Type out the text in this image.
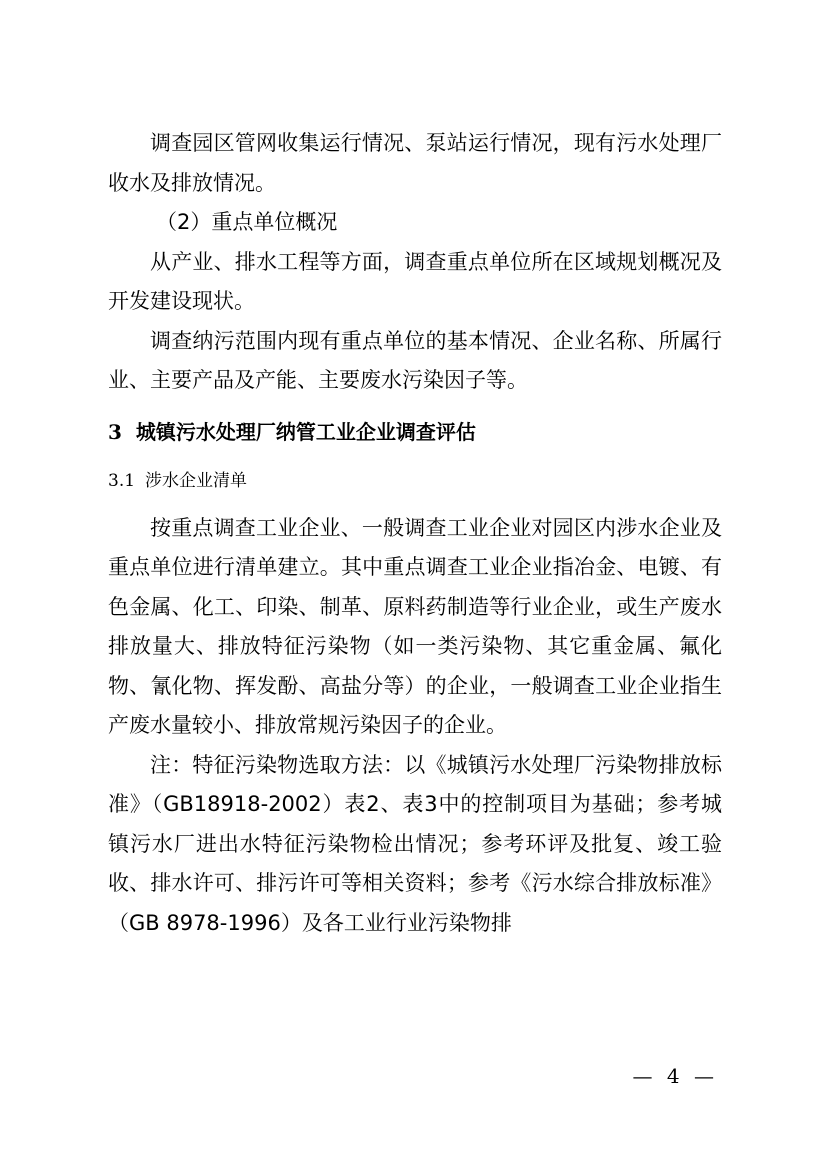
调查园区管网收集运行情况、泵站运行情况，现有污水处理厂收水及排放情况。

（2）重点单位概况

从产业、排水工程等方面，调查重点单位所在区域规划概况及开发建设现状。

调查纳污范围内现有重点单位的基本情况、企业名称、所属行业、主要产品及产能、主要废水污染因子等。

3 城镇污水处理厂纳管工业企业调查评估
3.1 涉水企业清单

按重点调查工业企业、一般调查工业企业对园区内涉水企业及重点单位进行清单建立。其中重点调查工业企业指冶金、电镀、有色金属、化工、印染、制革、原料药制造等行业企业，或生产废水排放量大、排放特征污染物（如一类污染物、其它重金属、氟化物、氰化物、挥发酚、高盐分等）的企业，一般调查工业企业指生产废水量较小、排放常规污染因子的企业。

注：特征污染物选取方法：以《城镇污水处理厂污染物排放标准》（GB18918-2002）表2、表3中的控制项目为基础；参考城镇污水厂进出水特征污染物检出情况；参考环评及批复、竣工验收、排水许可、排污许可等相关资料；参考《污水综合排放标准》（GB 8978-1996）及各工业行业污染物排

— 4 —
